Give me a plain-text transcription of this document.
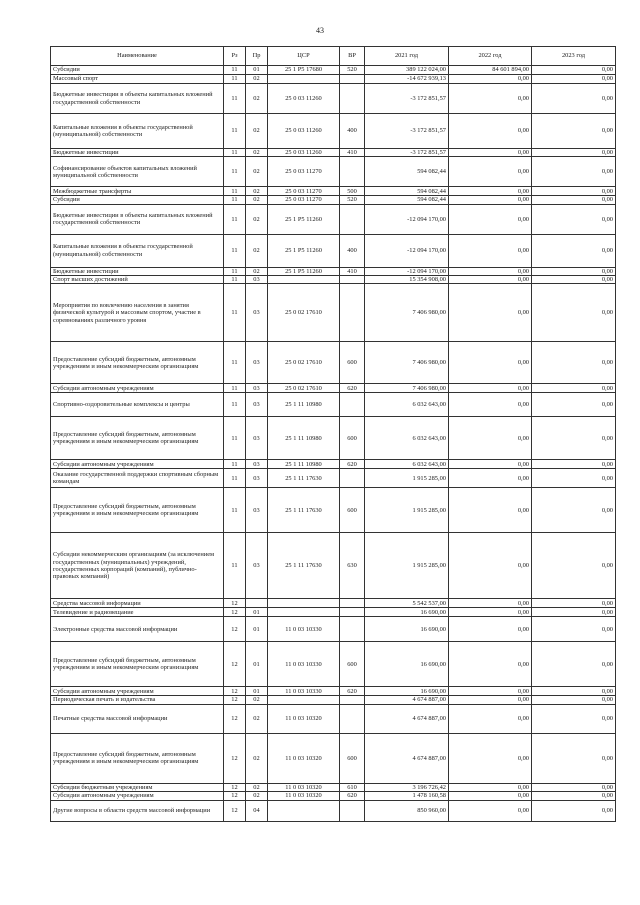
43
Наименование	Рз	Пр	ЦСР	ВР	2021 год	2022 год	2023 год
Субсидии	11	01	25 1 Р5 17680	520	389 122 024,00	84 601 894,00	0,00
Массовый спорт	11	02			-14 672 939,13	0,00	0,00
Бюджетные инвестиции в объекты капитальных вложений государственной собственности	11	02	25 0 03 11260		-3 172 851,57	0,00	0,00
Капитальные вложения в объекты государственной (муниципальной) собственности	11	02	25 0 03 11260	400	-3 172 851,57	0,00	0,00
Бюджетные инвестиции	11	02	25 0 03 11260	410	-3 172 851,57	0,00	0,00
Софинансирование объектов капитальных вложений муниципальной собственности	11	02	25 0 03 11270		594 082,44	0,00	0,00
Межбюджетные трансферты	11	02	25 0 03 11270	500	594 082,44	0,00	0,00
Субсидии	11	02	25 0 03 11270	520	594 082,44	0,00	0,00
Бюджетные инвестиции в объекты капитальных вложений государственной собственности	11	02	25 1 Р5 11260		-12 094 170,00	0,00	0,00
Капитальные вложения в объекты государственной (муниципальной) собственности	11	02	25 1 Р5 11260	400	-12 094 170,00	0,00	0,00
Бюджетные инвестиции	11	02	25 1 Р5 11260	410	-12 094 170,00	0,00	0,00
Спорт высших достижений	11	03			15 354 908,00	0,00	0,00
Мероприятия по вовлечению населения в занятия физической культурой и массовым спортом, участие в соревнованиях различного уровня	11	03	25 0 02 17610		7 406 980,00	0,00	0,00
Предоставление субсидий бюджетным, автономным учреждениям и иным некоммерческим организациям	11	03	25 0 02 17610	600	7 406 980,00	0,00	0,00
Субсидии автономным учреждениям	11	03	25 0 02 17610	620	7 406 980,00	0,00	0,00
Спортивно-оздоровительные комплексы и центры	11	03	25 1 11 10980		6 032 643,00	0,00	0,00
Предоставление субсидий бюджетным, автономным учреждениям и иным некоммерческим организациям	11	03	25 1 11 10980	600	6 032 643,00	0,00	0,00
Субсидии автономным учреждениям	11	03	25 1 11 10980	620	6 032 643,00	0,00	0,00
Оказание государственной поддержки спортивным сборным командам	11	03	25 1 11 17630		1 915 285,00	0,00	0,00
Предоставление субсидий бюджетным, автономным учреждениям и иным некоммерческим организациям	11	03	25 1 11 17630	600	1 915 285,00	0,00	0,00
Субсидии некоммерческим организациям (за исключением государственных (муниципальных) учреждений, государственных корпораций (компаний), публично-правовых компаний)	11	03	25 1 11 17630	630	1 915 285,00	0,00	0,00
Средства массовой информации	12				5 542 537,00	0,00	0,00
Телевидение и радиовещание	12	01			16 690,00	0,00	0,00
Электронные средства массовой информации	12	01	11 0 03 10330		16 690,00	0,00	0,00
Предоставление субсидий бюджетным, автономным учреждениям и иным некоммерческим организациям	12	01	11 0 03 10330	600	16 690,00	0,00	0,00
Субсидии автономным учреждениям	12	01	11 0 03 10330	620	16 690,00	0,00	0,00
Периодическая печать и издательства	12	02			4 674 887,00	0,00	0,00
Печатные средства массовой информации	12	02	11 0 03 10320		4 674 887,00	0,00	0,00
Предоставление субсидий бюджетным, автономным учреждениям и иным некоммерческим организациям	12	02	11 0 03 10320	600	4 674 887,00	0,00	0,00
Субсидии бюджетным учреждениям	12	02	11 0 03 10320	610	3 196 726,42	0,00	0,00
Субсидии автономным учреждениям	12	02	11 0 03 10320	620	1 478 160,58	0,00	0,00
Другие вопросы в области средств массовой информации	12	04			850 960,00	0,00	0,00
